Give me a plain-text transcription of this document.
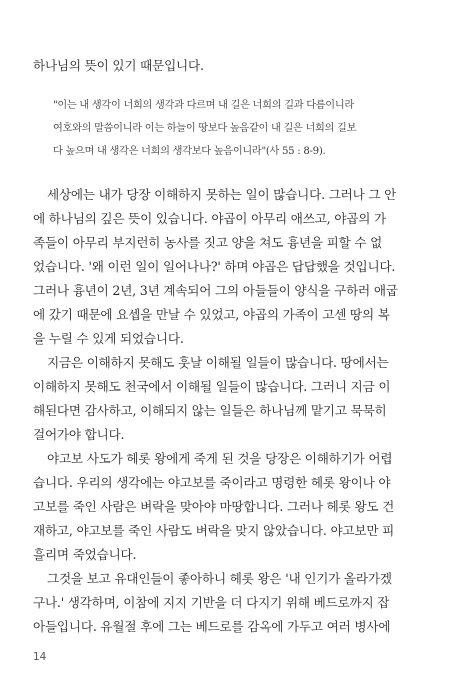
하나님의 뜻이 있기 때문입니다.
"이는 내 생각이 너희의 생각과 다르며 내 길은 너희의 길과 다름이니라
여호와의 말씀이니라 이는 하늘이 땅보다 높음같이 내 길은 너희의 길보
다 높으며 내 생각은 너희의 생각보다 높음이니라"(사 55 : 8-9).
세상에는 내가 당장 이해하지 못하는 일이 많습니다. 그러나 그 안
에 하나님의 깊은 뜻이 있습니다. 야곱이 아무리 애쓰고, 야곱의 가
족들이 아무리 부지런히 농사를 짓고 양을 쳐도 흉년을 피할 수 없
었습니다. '왜 이런 일이 일어나나?' 하며 야곱은 답답했을 것입니다.
그러나 흉년이 2년, 3년 계속되어 그의 아들들이 양식을 구하러 애굽
에 갔기 때문에 요셉을 만날 수 있었고, 야곱의 가족이 고센 땅의 복
을 누릴 수 있게 되었습니다.
지금은 이해하지 못해도 훗날 이해될 일들이 많습니다. 땅에서는
이해하지 못해도 천국에서 이해될 일들이 많습니다. 그러니 지금 이
해된다면 감사하고, 이해되지 않는 일들은 하나님께 맡기고 묵묵히
걸어가야 합니다.
야고보 사도가 헤롯 왕에게 죽게 된 것을 당장은 이해하기가 어렵
습니다. 우리의 생각에는 야고보를 죽이라고 명령한 헤롯 왕이나 야
고보를 죽인 사람은 벼락을 맞아야 마땅합니다. 그러나 헤롯 왕도 건
재하고, 야고보를 죽인 사람도 벼락을 맞지 않았습니다. 야고보만 피
흘리며 죽었습니다.
그것을 보고 유대인들이 좋아하니 헤롯 왕은 '내 인기가 올라가겠
구나.' 생각하며, 이참에 지지 기반을 더 다지기 위해 베드로까지 잡
아들입니다. 유월절 후에 그는 베드로를 감옥에 가두고 여러 병사에
14
